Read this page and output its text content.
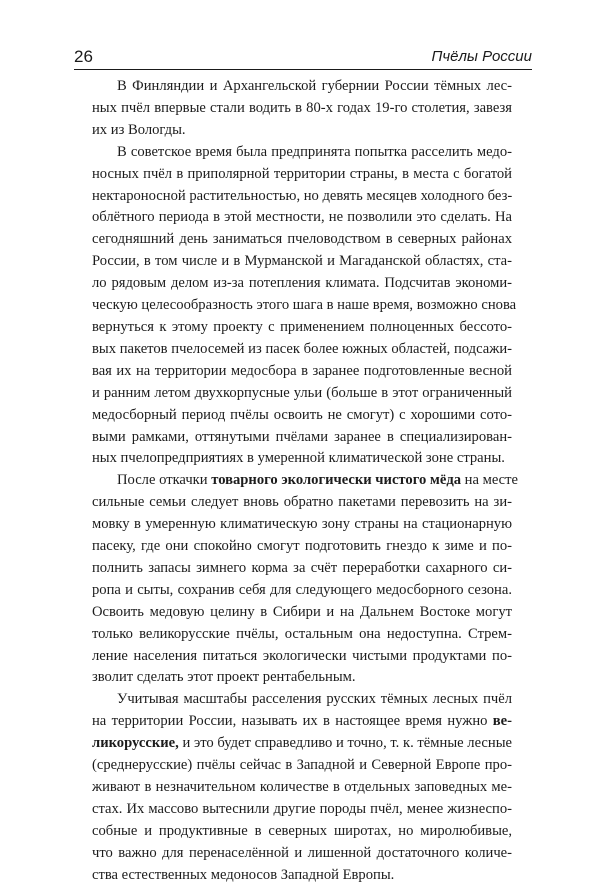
26	Пчёлы России
В Финляндии и Архангельской губернии России тёмных лес-
ных пчёл впервые стали водить в 80-х годах 19-го столетия, завезя
их из Вологды.
В советское время была предпринята попытка расселить медо-
носных пчёл в приполярной территории страны, в места с богатой
нектароносной растительностью, но девять месяцев холодного без-
облётного периода в этой местности, не позволили это сделать. На
сегодняшний день заниматься пчеловодством в северных районах
России, в том числе и в Мурманской и Магаданской областях, ста-
ло рядовым делом из-за потепления климата. Подсчитав экономи-
ческую целесообразность этого шага в наше время, возможно снова
вернуться к этому проекту с применением полноценных бессото-
вых пакетов пчелосемей из пасек более южных областей, подсажи-
вая их на территории медосбора в заранее подготовленные весной
и ранним летом двухкорпусные ульи (больше в этот ограниченный
медосборный период пчёлы освоить не смогут) с хорошими сото-
выми рамками, оттянутыми пчёлами заранее в специализирован-
ных пчелопредприятиях в умеренной климатической зоне страны.
После откачки товарного экологически чистого мёда на месте
сильные семьи следует вновь обратно пакетами перевозить на зи-
мовку в умеренную климатическую зону страны на стационарную
пасеку, где они спокойно смогут подготовить гнездо к зиме и по-
полнить запасы зимнего корма за счёт переработки сахарного си-
ропа и сыты, сохранив себя для следующего медосборного сезона.
Освоить медовую целину в Сибири и на Дальнем Востоке могут
только великорусские пчёлы, остальным она недоступна. Стрем-
ление населения питаться экологически чистыми продуктами по-
зволит сделать этот проект рентабельным.
Учитывая масштабы расселения русских тёмных лесных пчёл
на территории России, называть их в настоящее время нужно ве-
ликорусские, и это будет справедливо и точно, т. к. тёмные лесные
(среднерусские) пчёлы сейчас в Западной и Северной Европе про-
живают в незначительном количестве в отдельных заповедных ме-
стах. Их массово вытеснили другие породы пчёл, менее жизнеспо-
собные и продуктивные в северных широтах, но миролюбивые,
что важно для перенаселённой и лишенной достаточного количе-
ства естественных медоносов Западной Европы.
